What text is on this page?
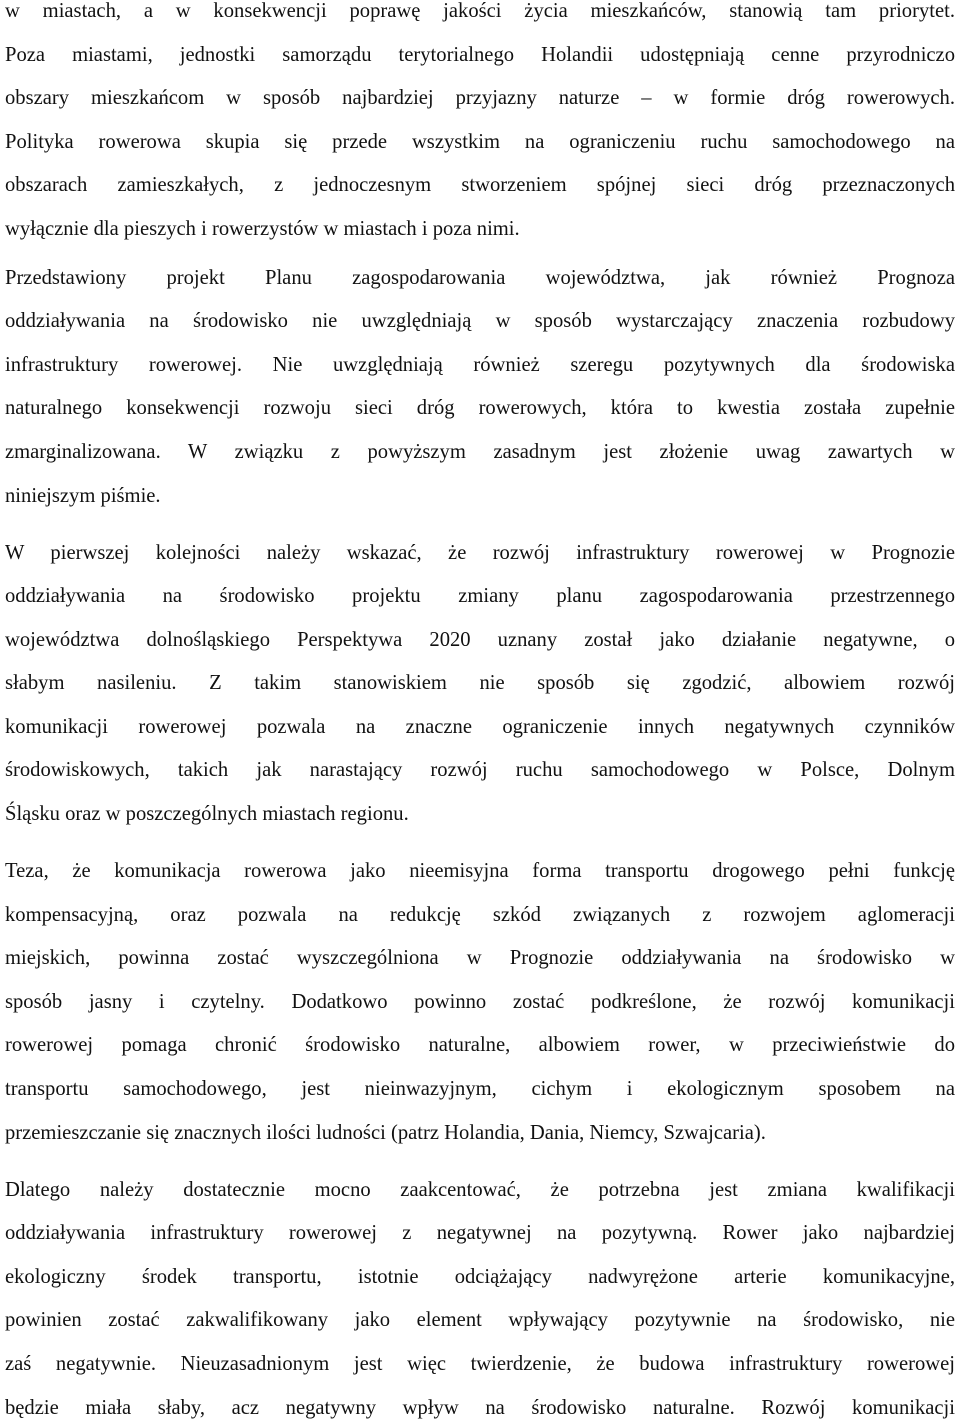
w miastach, a w konsekwencji poprawę jakości życia mieszkańców, stanowią tam priorytet.

Poza miastami, jednostki samorządu terytorialnego Holandii udostępniają cenne przyrodniczo

obszary mieszkańcom w sposób najbardziej przyjazny naturze – w formie dróg rowerowych.

Polityka rowerowa skupia się przede wszystkim na ograniczeniu ruchu samochodowego na

obszarach zamieszkałych, z jednoczesnym stworzeniem spójnej sieci dróg przeznaczonych

wyłącznie dla pieszych i rowerzystów w miastach i poza nimi.

Przedstawiony projekt Planu zagospodarowania województwa, jak również Prognoza

oddziaływania na środowisko nie uwzględniają w sposób wystarczający znaczenia rozbudowy

infrastruktury rowerowej. Nie uwzględniają również szeregu pozytywnych dla środowiska

naturalnego konsekwencji rozwoju sieci dróg rowerowych, która to kwestia została zupełnie

zmarginalizowana. W związku z powyższym zasadnym jest złożenie uwag zawartych w

niniejszym piśmie.

W pierwszej kolejności należy wskazać, że rozwój infrastruktury rowerowej w Prognozie

oddziaływania na środowisko projektu zmiany planu zagospodarowania przestrzennego

województwa dolnośląskiego Perspektywa 2020 uznany został jako działanie negatywne, o

słabym nasileniu. Z takim stanowiskiem nie sposób się zgodzić, albowiem rozwój

komunikacji rowerowej pozwala na znaczne ograniczenie innych negatywnych czynników

środowiskowych, takich jak narastający rozwój ruchu samochodowego w Polsce, Dolnym

Śląsku oraz w poszczególnych miastach regionu.

Teza, że komunikacja rowerowa jako nieemisyjna forma transportu drogowego pełni funkcję

kompensacyjną, oraz pozwala na redukcję szkód związanych z rozwojem aglomeracji

miejskich, powinna zostać wyszczególniona w Prognozie oddziaływania na środowisko w

sposób jasny i czytelny. Dodatkowo powinno zostać podkreślone, że rozwój komunikacji

rowerowej pomaga chronić środowisko naturalne, albowiem rower, w przeciwieństwie do

transportu samochodowego, jest nieinwazyjnym, cichym i ekologicznym sposobem na

przemieszczanie się znacznych ilości ludności (patrz Holandia, Dania, Niemcy, Szwajcaria).

Dlatego należy dostatecznie mocno zaakcentować, że potrzebna jest zmiana kwalifikacji

oddziaływania infrastruktury rowerowej z negatywnej na pozytywną. Rower jako najbardziej

ekologiczny środek transportu, istotnie odciążający nadwyrężone arterie komunikacyjne,

powinien zostać zakwalifikowany jako element wpływający pozytywnie na środowisko, nie

zaś negatywnie. Nieuzasadnionym jest więc twierdzenie, że budowa infrastruktury rowerowej

będzie miała słaby, acz negatywny wpływ na środowisko naturalne. Rozwój komunikacji
